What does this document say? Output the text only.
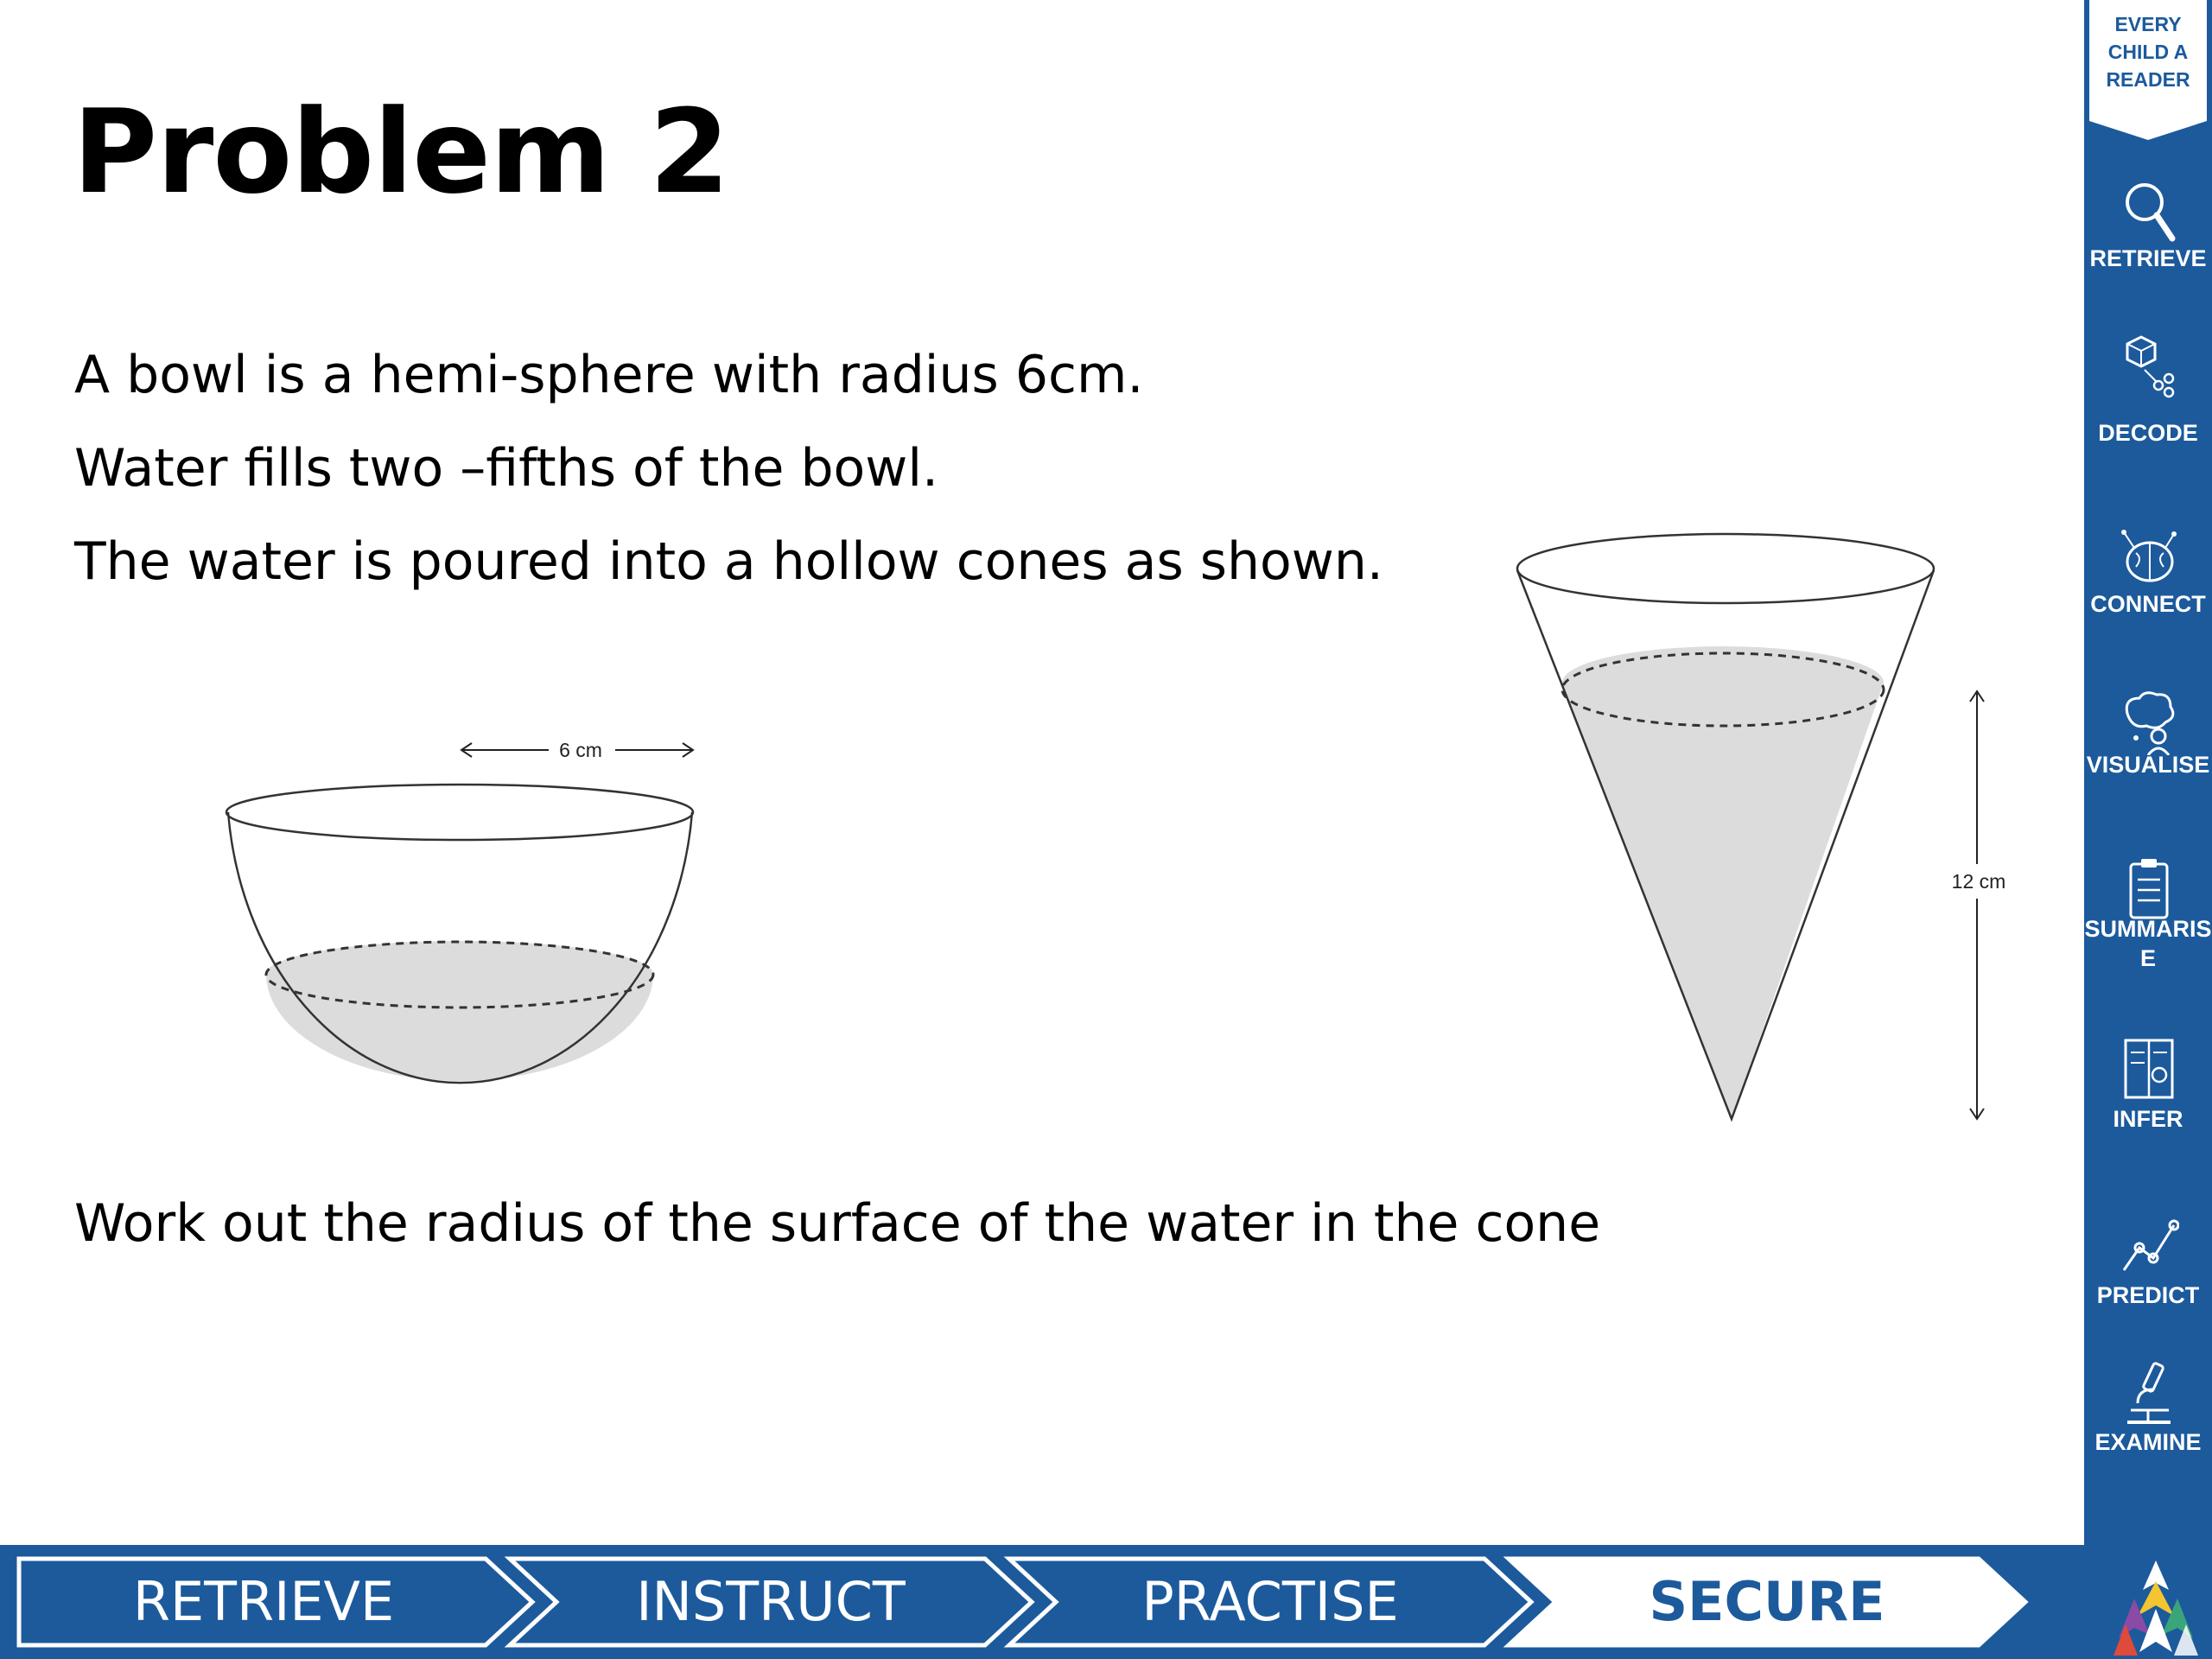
Problem 2

A bowl is a hemi-sphere with radius 6cm.

Water fills two –fifths of the bowl.

The water is poured into a hollow cones as shown.

6 cm
12 cm

Work out the radius of the surface of the water in the cone

EVERY
CHILD A
READER
RETRIEVE
DECODE
CONNECT
VISUALISE
SUMMARISE
INFER
PREDICT
EXAMINE
RETRIEVE	INSTRUCT	PRACTISE	SECURE
